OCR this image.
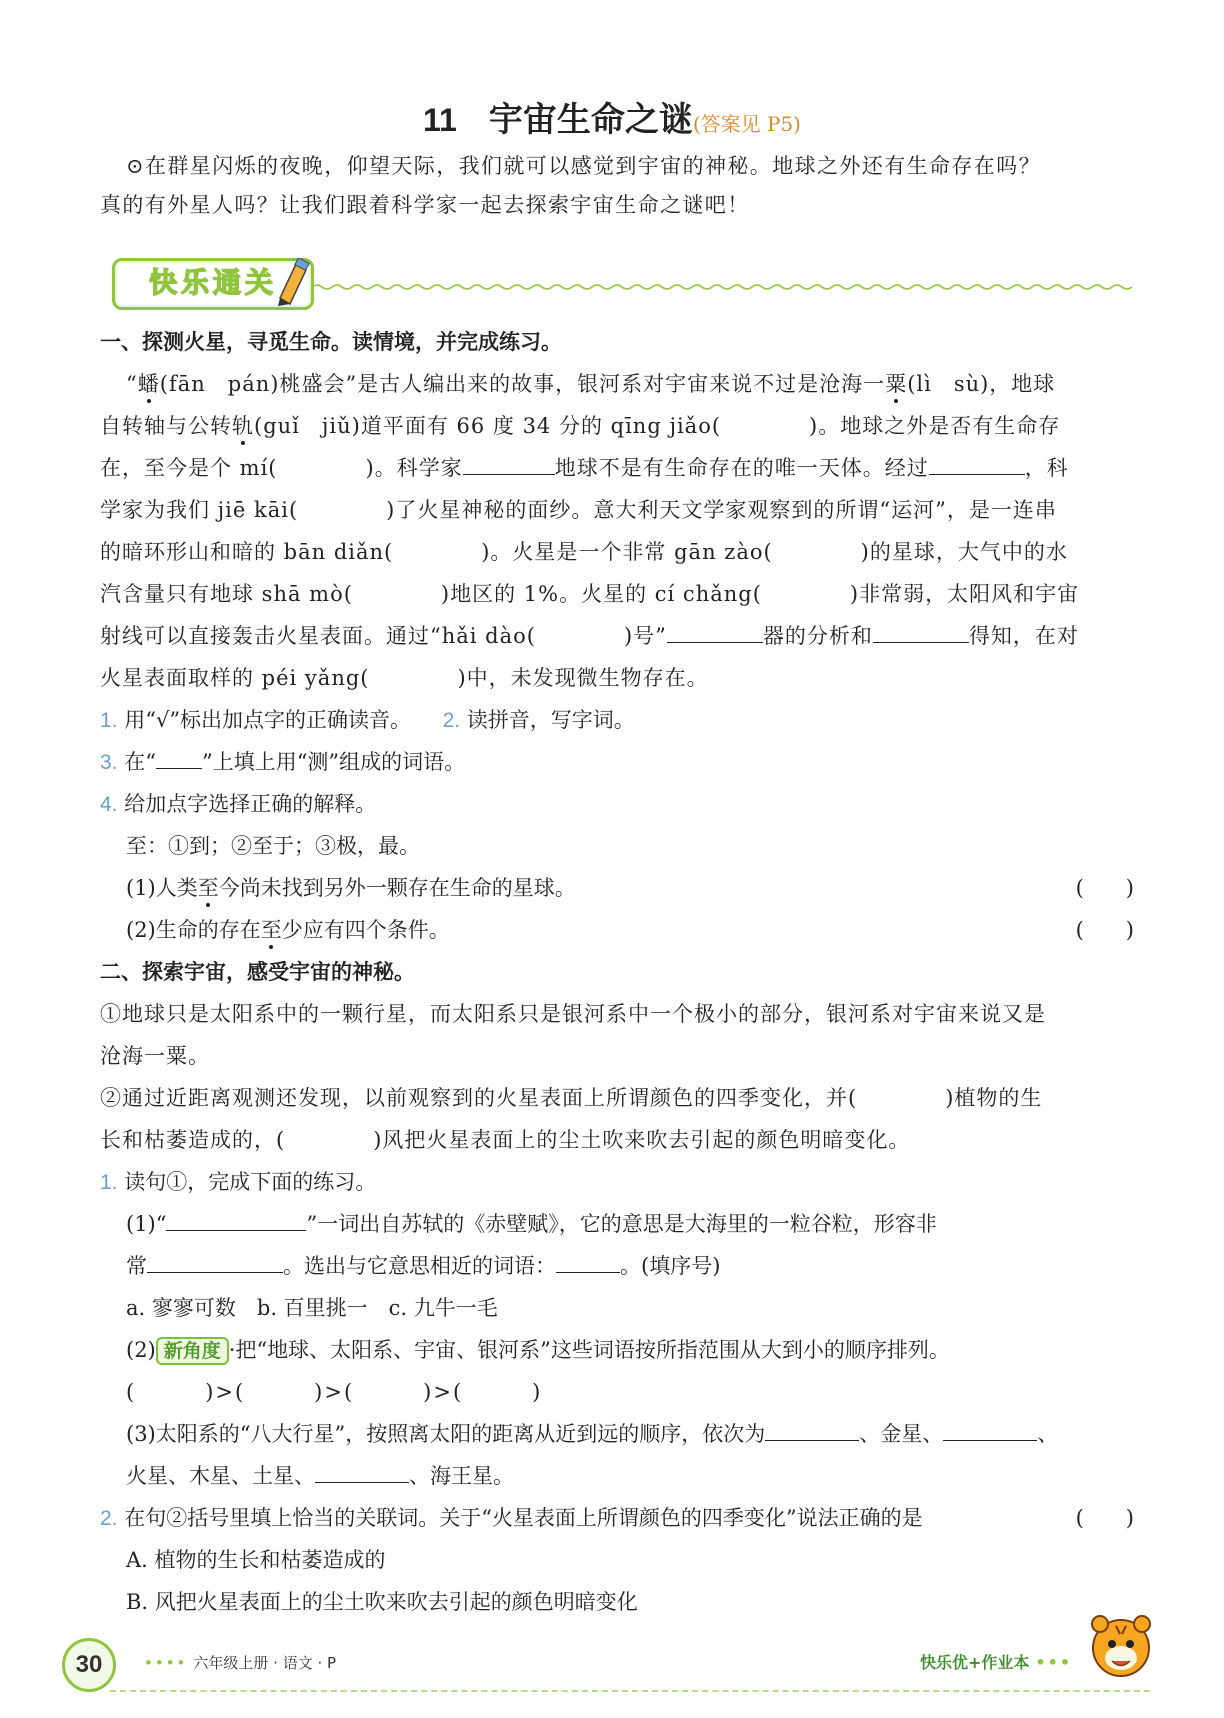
11 宇宙生命之谜(答案见 P5)
⊙在群星闪烁的夜晚，仰望天际，我们就可以感觉到宇宙的神秘。地球之外还有生命存在吗？
真的有外星人吗？让我们跟着科学家一起去探索宇宙生命之谜吧！
快乐通关
一、探测火星，寻觅生命。读情境，并完成练习。
“蟠(fān　pán)桃盛会”是古人编出来的故事，银河系对宇宙来说不过是沧海一粟(lì　sù)，地球
自转轴与公转轨(guǐ　jiǔ)道平面有 66 度 34 分的 qīng jiǎo(　　　　)。地球之外是否有生命存
在，至今是个 mí(　　　　)。科学家	地球不是有生命存在的唯一天体。经过	，科
学家为我们 jiē kāi(　　　　)了火星神秘的面纱。意大利天文学家观察到的所谓“运河”，是一连串
的暗环形山和暗的 bān diǎn(　　　　)。火星是一个非常 gān zào(　　　　)的星球，大气中的水
汽含量只有地球 shā mò(　　　　)地区的 1%。火星的 cí chǎng(　　　　)非常弱，太阳风和宇宙
射线可以直接轰击火星表面。通过“hǎi dào(　　　　)号”	器的分析和	得知，在对
火星表面取样的 péi yǎng(　　　　)中，未发现微生物存在。
1. 用“√”标出加点字的正确读音。　　 2. 读拼音，写字词。
3. 在“ ”上填上用“测”组成的词语。
4. 给加点字选择正确的解释。
至：①到；②至于；③极，最。
(1)人类至今尚未找到另外一颗存在生命的星球。	(　　)
(2)生命的存在至少应有四个条件。	(　　)
二、探索宇宙，感受宇宙的神秘。
①地球只是太阳系中的一颗行星，而太阳系只是银河系中一个极小的部分，银河系对宇宙来说又是
沧海一粟。
②通过近距离观测还发现，以前观察到的火星表面上所谓颜色的四季变化，并(　　　　)植物的生
长和枯萎造成的，(　　　　)风把火星表面上的尘土吹来吹去引起的颜色明暗变化。
1. 读句①，完成下面的练习。
(1)“	”一词出自苏轼的《赤壁赋》，它的意思是大海里的一粒谷粒，形容非
常	。选出与它意思相近的词语：	。(填序号)
a. 寥寥可数　b. 百里挑一　c. 九牛一毛
(2) 新角度 ·把“地球、太阳系、宇宙、银河系”这些词语按所指范围从大到小的顺序排列。
(　　　)>(　　　)>(　　　)>(　　　)
(3)太阳系的“八大行星”，按照离太阳的距离从近到远的顺序，依次为	、金星、	、
火星、木星、土星、	、海王星。
2. 在句②括号里填上恰当的关联词。关于“火星表面上所谓颜色的四季变化”说法正确的是	(　　)
A. 植物的生长和枯萎造成的
B. 风把火星表面上的尘土吹来吹去引起的颜色明暗变化
30	•••• 六年级上册 · 语文 · P	快乐优+作业本 •••
